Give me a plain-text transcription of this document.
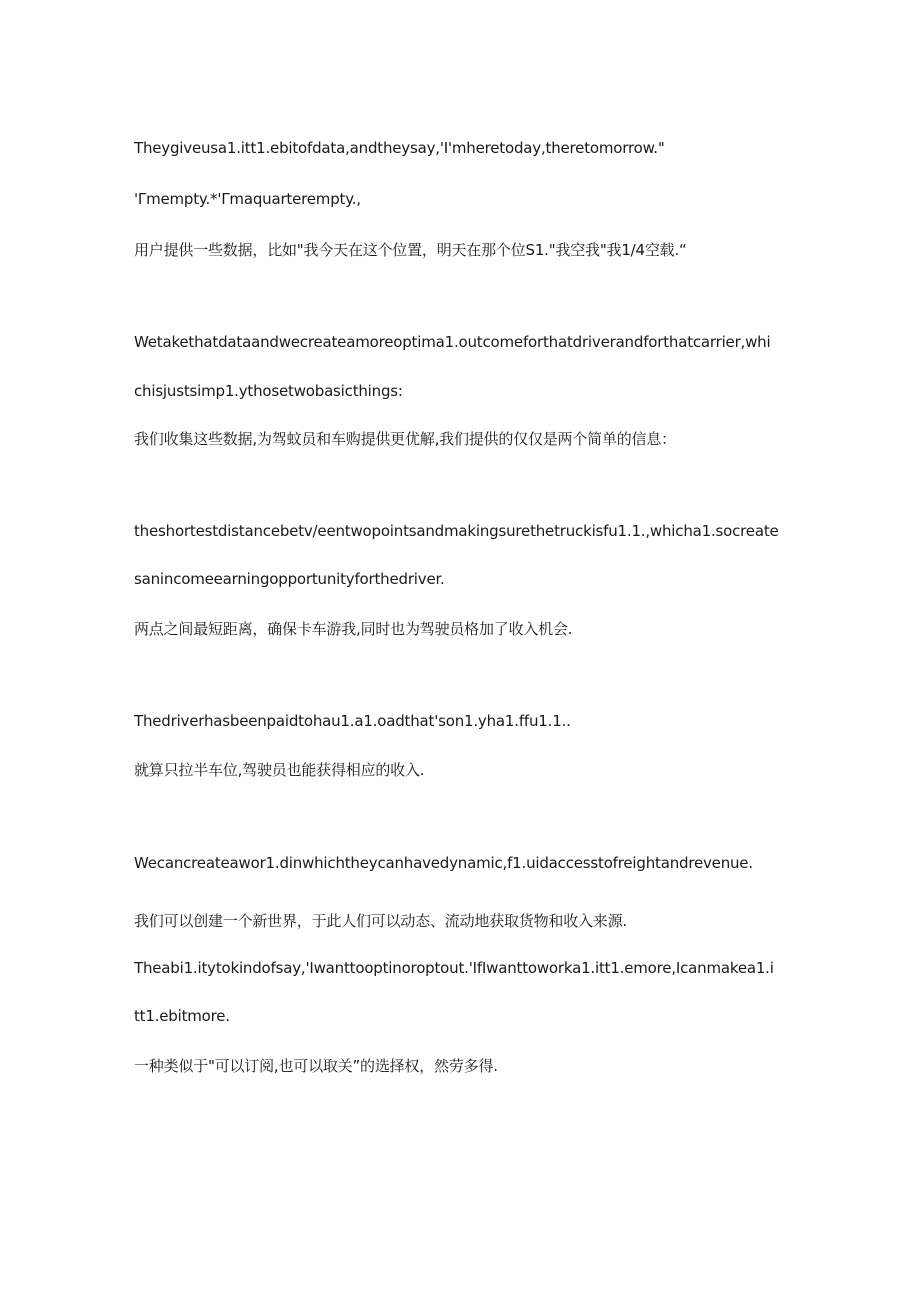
Theygiveusa1.itt1.ebitofdata,andtheysay,'I'mheretoday,theretomorrow."
'Γmempty.*'Γmaquarterempty.,
用户提供一些数据，比如"我今天在这个位置，明天在那个位S1."我空我"我1/4空载.“
Wetakethatdataandwecreateamoreoptima1.outcomeforthatdriverandforthatcarrier,whi
chisjustsimp1.ythosetwobasicthings:
我们收集这些数据,为驾蚊员和车购提供更优解,我们提供的仅仅是两个简单的信息：
theshortestdistancebetv/eentwopointsandmakingsurethetruckisfu1.1.,whicha1.socreate
sanincomeearningopportunityforthedriver.
两点之间最短距离，确保卡车游我,同时也为驾驶员格加了收入机会.
Thedriverhasbeenpaidtohau1.a1.oadthat'son1.yha1.ffu1.1..
就算只拉半车位,驾驶员也能获得相应的收入.
Wecancreateawor1.dinwhichtheycanhavedynamic,f1.uidaccesstofreightandrevenue.
我们可以创建一个新世界，于此人们可以动态、流动地获取货物和收入来源.
Theabi1.itytokindofsay,'Iwanttooptinoroptout.'IfIwanttoworka1.itt1.emore,Icanmakea1.i
tt1.ebitmore.
一种类似于"可以订阅,也可以取关”的选择权，然劳多得.
